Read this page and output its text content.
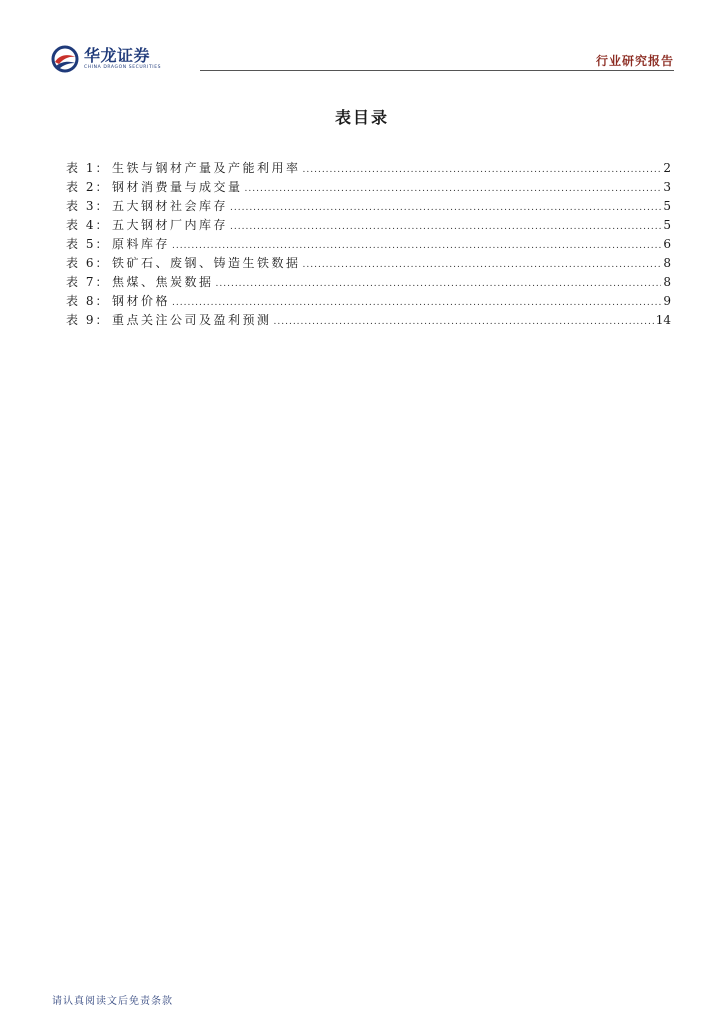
华龙证券
CHINA DRAGON SECURITIES	行业研究报告
表目录
表 1： 生铁与钢材产量及产能利用率 .....	2
表 2： 钢材消费量与成交量 .....	3
表 3： 五大钢材社会库存 .....	5
表 4： 五大钢材厂内库存 .....	5
表 5： 原料库存 .....	6
表 6： 铁矿石、废钢、铸造生铁数据 .....	8
表 7： 焦煤、焦炭数据 .....	8
表 8： 钢材价格 .....	9
表 9： 重点关注公司及盈利预测 .....	14
请认真阅读文后免责条款
